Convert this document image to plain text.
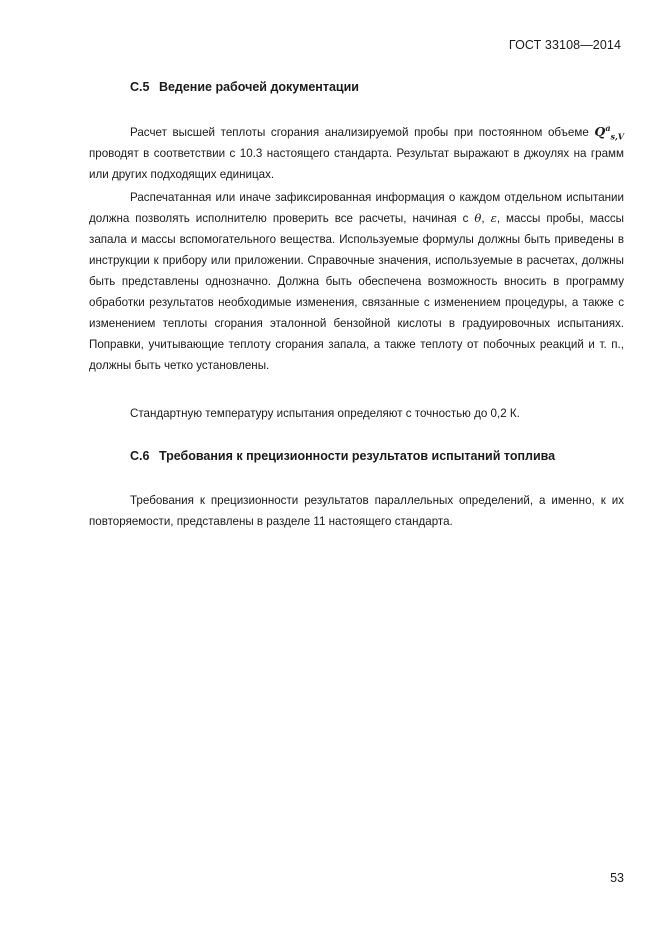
ГОСТ 33108—2014
С.5 Ведение рабочей документации

Расчет высшей теплоты сгорания анализируемой пробы при постоянном объеме $Q^a_{s,V}$ проводят в соответствии с 10.3 настоящего стандарта. Результат выражают в джоулях на грамм или других подходящих единицах.

Распечатанная или иначе зафиксированная информация о каждом отдельном испытании должна позволять исполнителю проверить все расчеты, начиная с θ, ε, массы пробы, массы запала и массы вспомогательного вещества. Используемые формулы должны быть приведены в инструкции к прибору или приложении. Справочные значения, используемые в расчетах, должны быть представлены однозначно. Должна быть обеспечена возможность вносить в программу обработки результатов необходимые изменения, связанные с изменением процедуры, а также с изменением теплоты сгорания эталонной бензойной кислоты в градуировочных испытаниях. Поправки, учитывающие теплоту сгорания запала, а также теплоту от побочных реакций и т. п., должны быть четко установлены.

Стандартную температуру испытания определяют с точностью до 0,2 К.

С.6 Требования к прецизионности результатов испытаний топлива

Требования к прецизионности результатов параллельных определений, а именно, к их повторяемости, представлены в разделе 11 настоящего стандарта.

53
